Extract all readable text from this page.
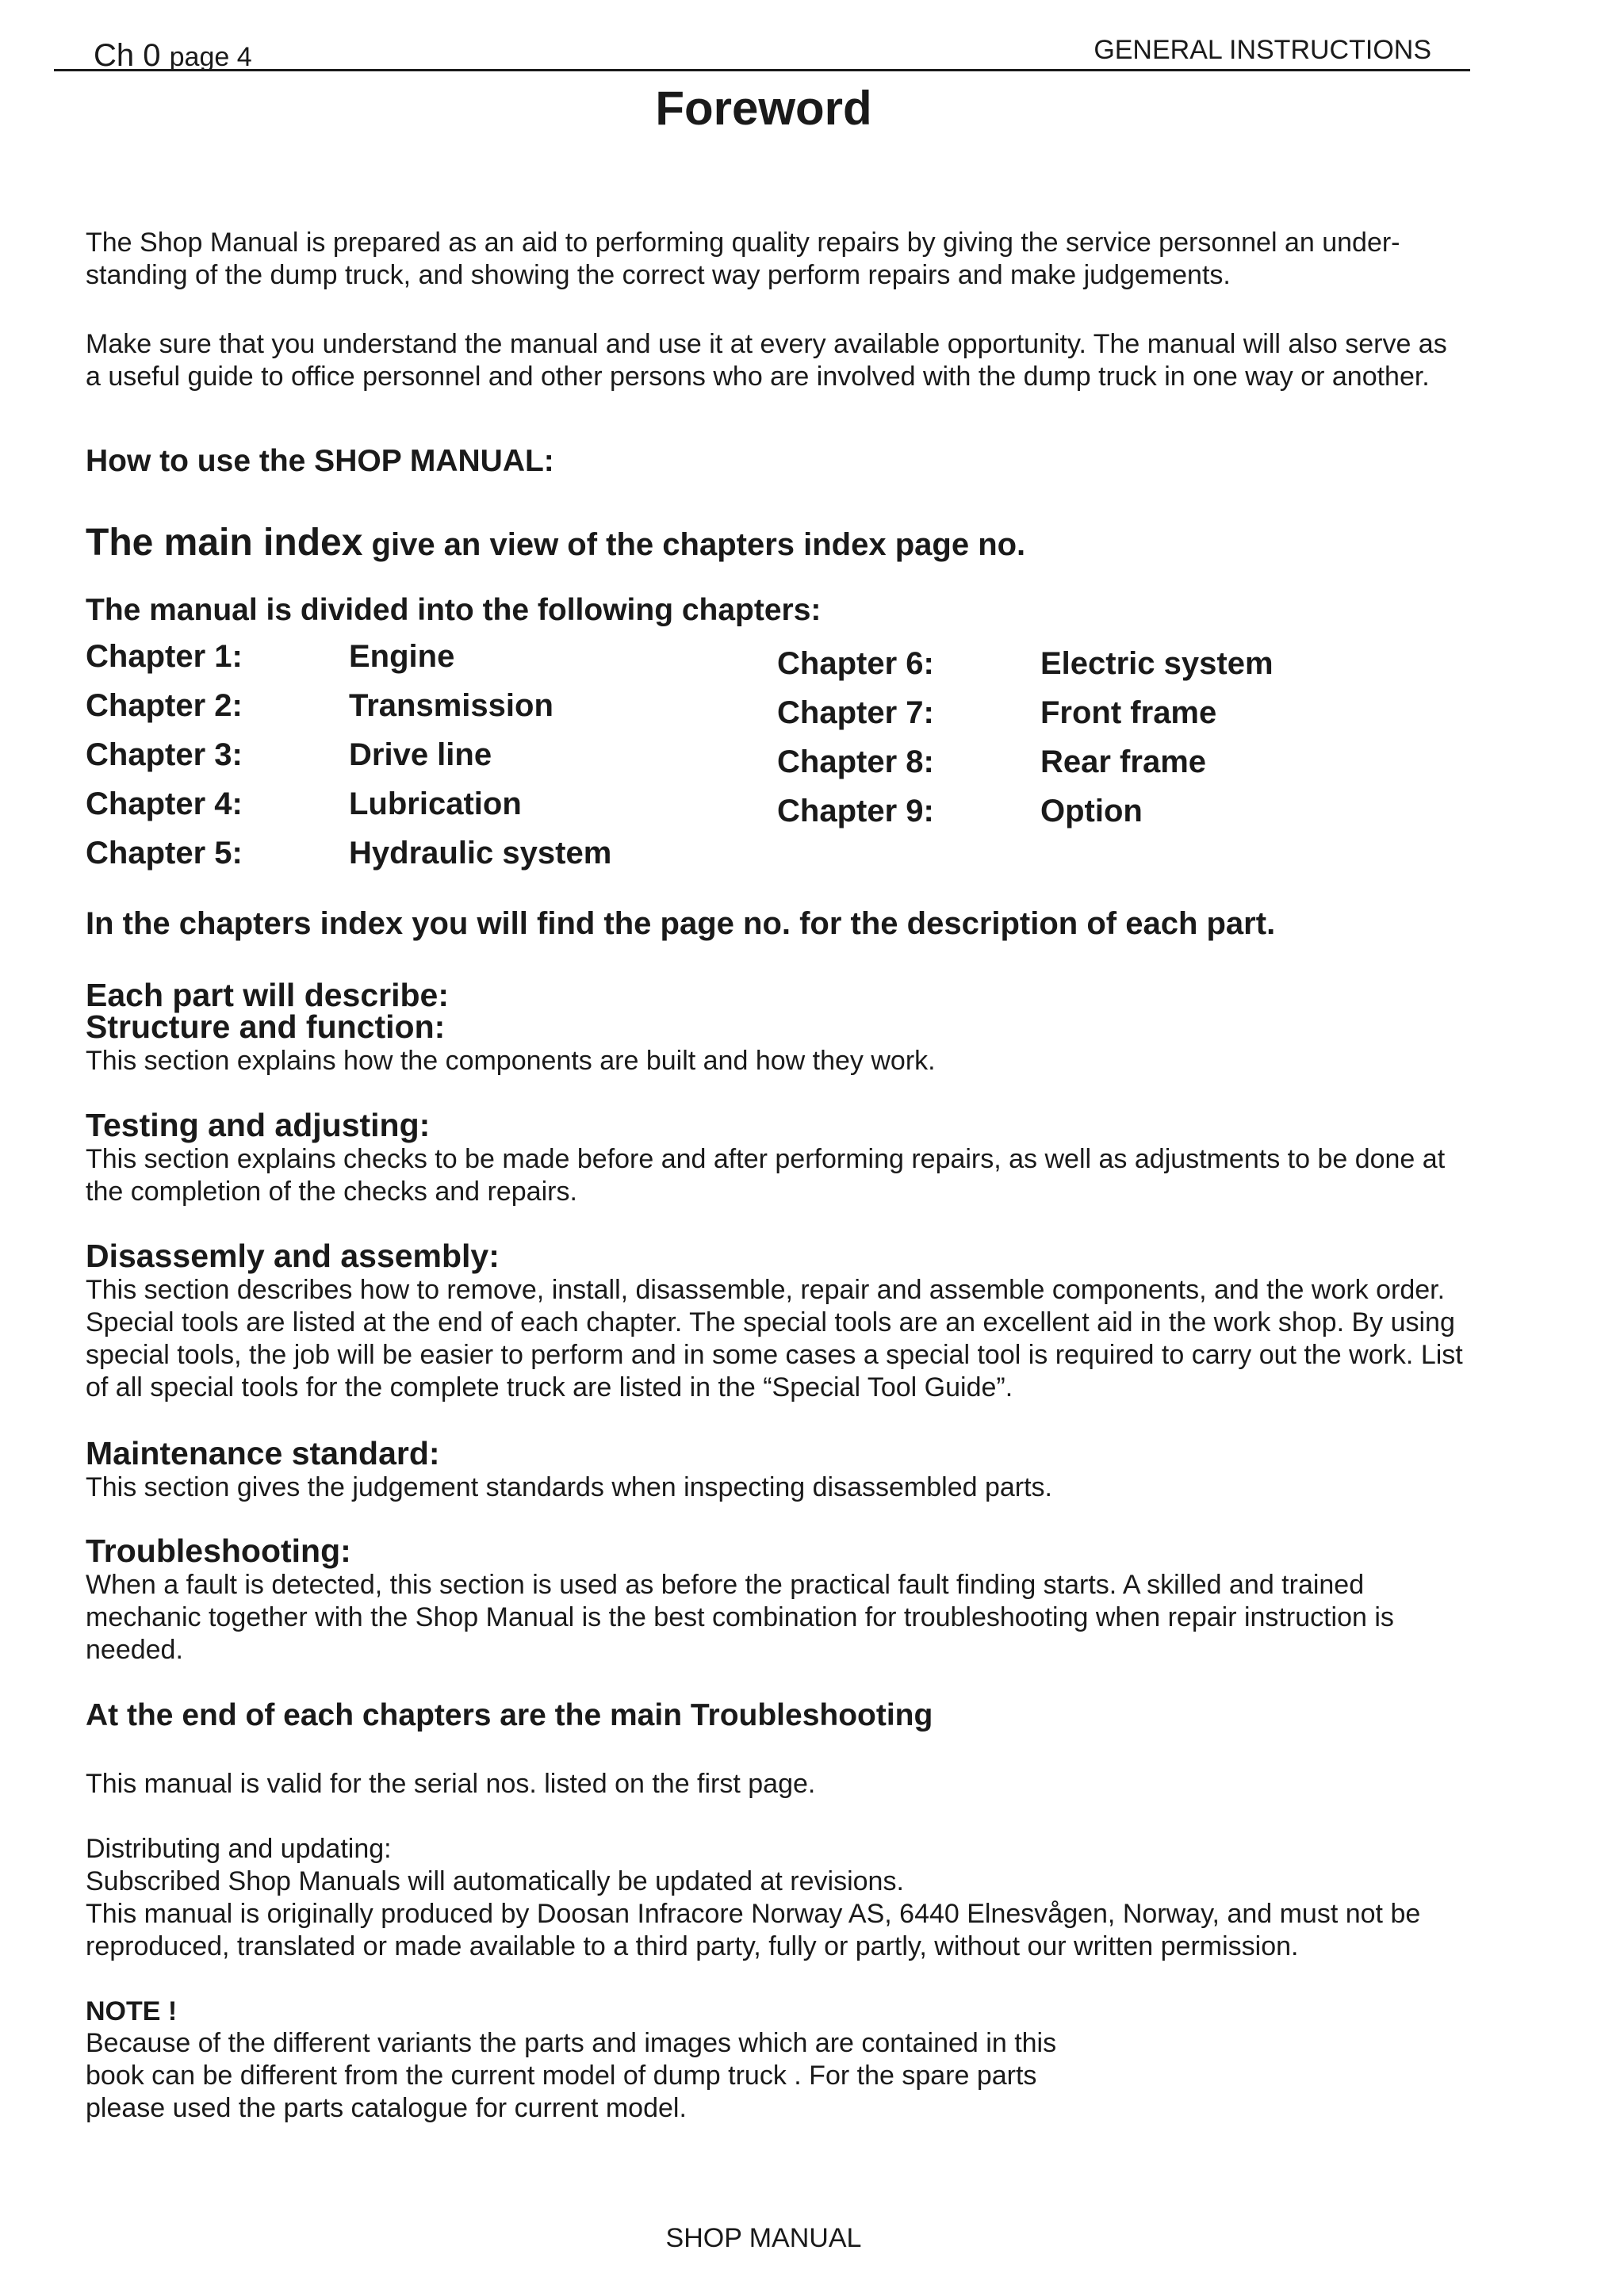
Ch 0 page 4	GENERAL INSTRUCTIONS
Foreword

The Shop Manual is prepared as an aid to performing quality repairs by giving the service personnel an under-standing of the dump truck, and showing the correct way perform repairs and make judgements.

Make sure that you understand the manual and use it at every available opportunity. The manual will also serve as a useful guide to office personnel and other persons who are involved with the dump truck in one way or another.

How to use the SHOP MANUAL:
The main index give an view of the chapters index page no.
The manual is divided into the following chapters:
Chapter 1:	Engine
Chapter 2:	Transmission
Chapter 3:	Drive line
Chapter 4:	Lubrication
Chapter 5:	Hydraulic system
Chapter 6:	Electric system
Chapter 7:	Front frame
Chapter 8:	Rear frame
Chapter 9:	Option
In the chapters index you will find the page no. for the description of each part.
Each part will describe:
Structure and function:

This section explains how the components are built and how they work.

Testing and adjusting:

This section explains checks to be made before and after performing repairs, as well as adjustments to be done at the completion of the checks and repairs.

Disassemly and assembly:

This section describes how to remove, install, disassemble, repair and assemble components, and the work order. Special tools are listed at the end of each chapter. The special tools are an excellent aid in the work shop. By using special tools, the job will be easier to perform and in some cases a special tool is required to carry out the work. List of all special tools for the complete truck are listed in the “Special Tool Guide”.

Maintenance standard:

This section gives the judgement standards when inspecting disassembled parts.

Troubleshooting:

When a fault is detected, this section is used as before the practical fault finding starts. A skilled and trained mechanic together with the Shop Manual is the best combination for troubleshooting when repair instruction is needed.

At the end of each chapters are the main Troubleshooting

This manual is valid for the serial nos. listed on the first page.

Distributing and updating:
Subscribed Shop Manuals will automatically be updated at revisions.
This manual is originally produced by Doosan Infracore Norway AS, 6440 Elnesvågen, Norway, and must not be reproduced, translated or made available to a third party, fully or partly, without our written permission.

NOTE !

Because of the different variants the parts and images which are contained in this
book can be different from the current model of dump truck . For the spare parts
please used the parts catalogue for current model.

SHOP MANUAL
